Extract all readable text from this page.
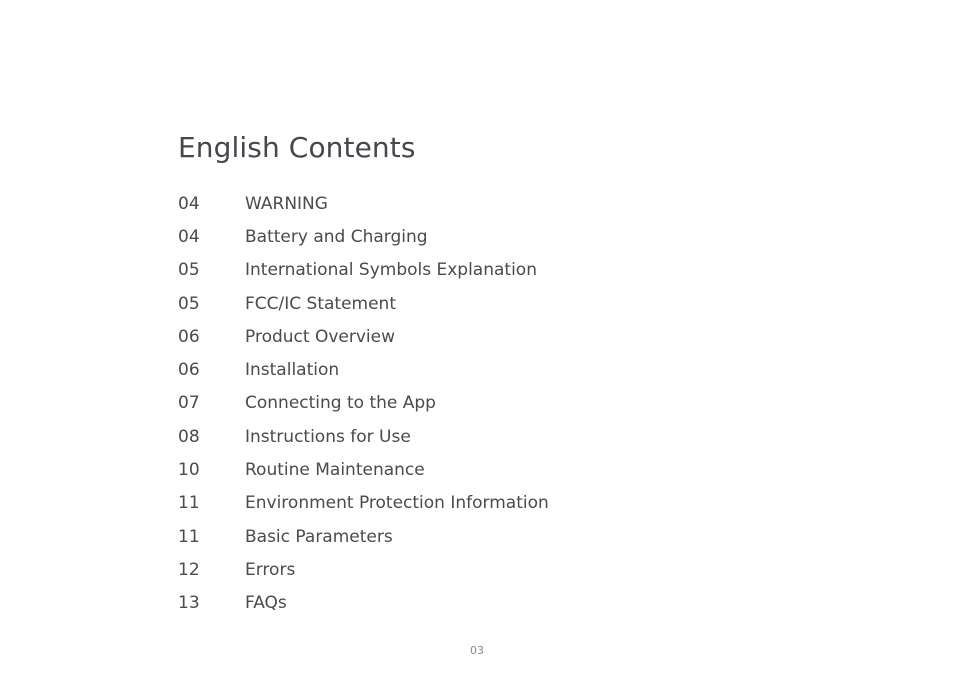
English Contents
04	WARNING
04	Battery and Charging
05	International Symbols Explanation
05	FCC/IC Statement
06	Product Overview
06	Installation
07	Connecting to the App
08	Instructions for Use
10	Routine Maintenance
11	Environment Protection Information
11	Basic Parameters
12	Errors
13	FAQs
03
